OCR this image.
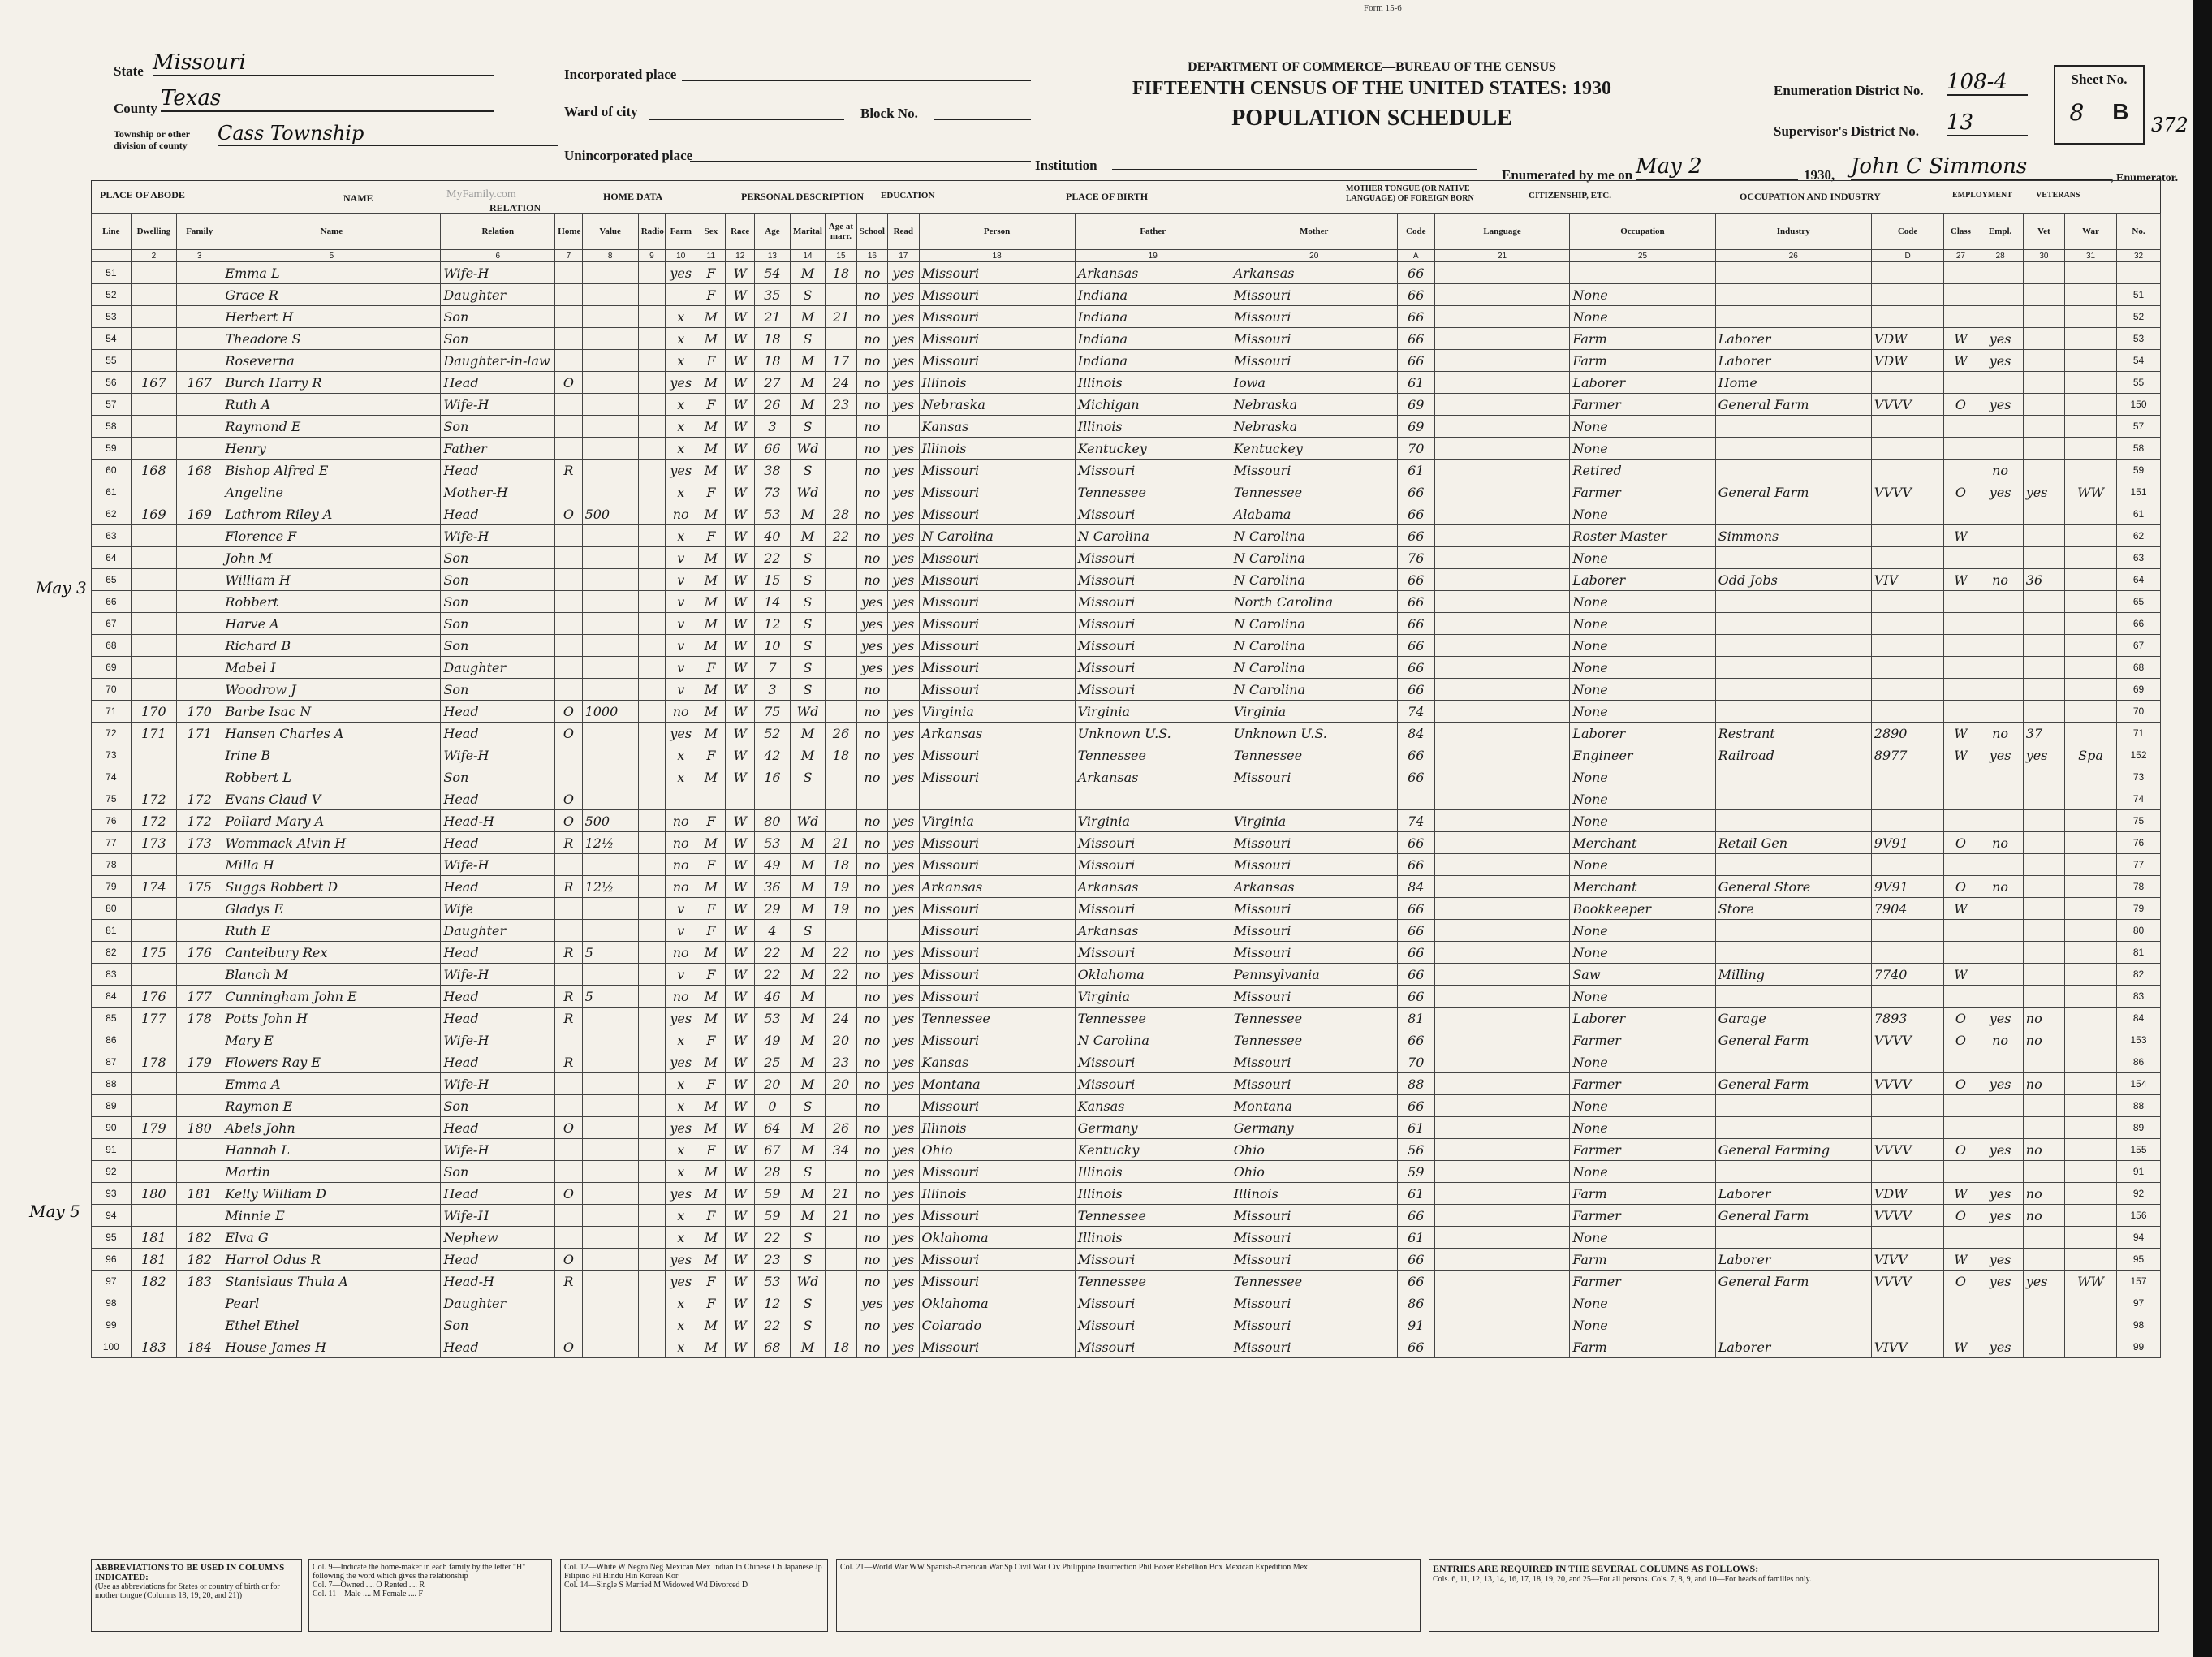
Form 15-6
DEPARTMENT OF COMMERCE—BUREAU OF THE CENSUS
FIFTEENTH CENSUS OF THE UNITED STATES: 1930
POPULATION SCHEDULE
State Missouri
County Texas
Township or other division of county
Cass Township
Incorporated place
Ward of city	Block No.
Unincorporated place
Institution
Enumeration District No. 108-4
Supervisor's District No. 13
Sheet No.
8 B
372
Enumerated by me on May 2	1930, John C Simmons	, Enumerator.
MyFamily.com
May 3
May 5
PLACE OF ABODE	NAME
RELATION
HOME DATA	PERSONAL DESCRIPTION EDUCATION	PLACE OF BIRTH
MOTHER TONGUE (OR NATIVE LANGUAGE) OF FOREIGN BORN	CITIZENSHIP, ETC.	OCCUPATION AND INDUSTRY	EMPLOYMENT	VETERANS
Line	Dwelling	Family	Name	Relation	Home	Value	Radio	Farm	Sex	Race	Age	Marital	Age at marr.	School	Read	Person	Father	Mother	Code	Language	Occupation	Industry	Code	Class	Empl.	Vet	War	No.
	2	3	5	6	7	8	9	10	11	12	13	14	15	16	17	18	19	20	A	21	25	26	D	27	28	30	31	32
51			Emma L	Wife-H				yes	F	W	54	M	18	no	yes	Missouri	Arkansas	Arkansas	66									
52			Grace R	Daughter					F	W	35	S		no	yes	Missouri	Indiana	Missouri	66		None							51
53			Herbert H	Son				x	M	W	21	M	21	no	yes	Missouri	Indiana	Missouri	66		None							52
54			Theadore S	Son				x	M	W	18	S		no	yes	Missouri	Indiana	Missouri	66		Farm	Laborer	VDW	W	yes			53
55			Roseverna	Daughter-in-law				x	F	W	18	M	17	no	yes	Missouri	Indiana	Missouri	66		Farm	Laborer	VDW	W	yes			54
56	167	167	Burch Harry R	Head	O			yes	M	W	27	M	24	no	yes	Illinois	Illinois	Iowa	61		Laborer	Home						55
57			Ruth A	Wife-H				x	F	W	26	M	23	no	yes	Nebraska	Michigan	Nebraska	69		Farmer	General Farm	VVVV	O	yes			150
58			Raymond E	Son				x	M	W	3	S		no		Kansas	Illinois	Nebraska	69		None							57
59			Henry	Father				x	M	W	66	Wd		no	yes	Illinois	Kentuckey	Kentuckey	70		None							58
60	168	168	Bishop Alfred E	Head	R			yes	M	W	38	S		no	yes	Missouri	Missouri	Missouri	61		Retired				no			59
61			Angeline	Mother-H				x	F	W	73	Wd		no	yes	Missouri	Tennessee	Tennessee	66		Farmer	General Farm	VVVV	O	yes	yes	WW	151
62	169	169	Lathrom Riley A	Head	O	500		no	M	W	53	M	28	no	yes	Missouri	Missouri	Alabama	66		None							61
63			Florence F	Wife-H				x	F	W	40	M	22	no	yes	N Carolina	N Carolina	N Carolina	66		Roster Master	Simmons		W				62
64			John M	Son				v	M	W	22	S		no	yes	Missouri	Missouri	N Carolina	76		None							63
65			William H	Son				v	M	W	15	S		no	yes	Missouri	Missouri	N Carolina	66		Laborer	Odd Jobs	VIV	W	no	36		64
66			Robbert	Son				v	M	W	14	S		yes	yes	Missouri	Missouri	North Carolina	66		None							65
67			Harve A	Son				v	M	W	12	S		yes	yes	Missouri	Missouri	N Carolina	66		None							66
68			Richard B	Son				v	M	W	10	S		yes	yes	Missouri	Missouri	N Carolina	66		None							67
69			Mabel I	Daughter				v	F	W	7	S		yes	yes	Missouri	Missouri	N Carolina	66		None							68
70			Woodrow J	Son				v	M	W	3	S		no		Missouri	Missouri	N Carolina	66		None							69
71	170	170	Barbe Isac N	Head	O	1000		no	M	W	75	Wd		no	yes	Virginia	Virginia	Virginia	74		None							70
72	171	171	Hansen Charles A	Head	O			yes	M	W	52	M	26	no	yes	Arkansas	Unknown U.S.	Unknown U.S.	84		Laborer	Restrant	2890	W	no	37		71
73			Irine B	Wife-H				x	F	W	42	M	18	no	yes	Missouri	Tennessee	Tennessee	66		Engineer	Railroad	8977	W	yes	yes	Spa	152
74			Robbert L	Son				x	M	W	16	S		no	yes	Missouri	Arkansas	Missouri	66		None							73
75	172	172	Evans Claud V	Head	O																None							74
76	172	172	Pollard Mary A	Head-H	O	500		no	F	W	80	Wd		no	yes	Virginia	Virginia	Virginia	74		None							75
77	173	173	Wommack Alvin H	Head	R	12½		no	M	W	53	M	21	no	yes	Missouri	Missouri	Missouri	66		Merchant	Retail Gen	9V91	O	no			76
78			Milla H	Wife-H				no	F	W	49	M	18	no	yes	Missouri	Missouri	Missouri	66		None							77
79	174	175	Suggs Robbert D	Head	R	12½		no	M	W	36	M	19	no	yes	Arkansas	Arkansas	Arkansas	84		Merchant	General Store	9V91	O	no			78
80			Gladys E	Wife				v	F	W	29	M	19	no	yes	Missouri	Missouri	Missouri	66		Bookkeeper	Store	7904	W				79
81			Ruth E	Daughter				v	F	W	4	S				Missouri	Arkansas	Missouri	66		None							80
82	175	176	Canteibury Rex	Head	R	5		no	M	W	22	M	22	no	yes	Missouri	Missouri	Missouri	66		None							81
83			Blanch M	Wife-H				v	F	W	22	M	22	no	yes	Missouri	Oklahoma	Pennsylvania	66		Saw	Milling	7740	W				82
84	176	177	Cunningham John E	Head	R	5		no	M	W	46	M		no	yes	Missouri	Virginia	Missouri	66		None							83
85	177	178	Potts John H	Head	R			yes	M	W	53	M	24	no	yes	Tennessee	Tennessee	Tennessee	81		Laborer	Garage	7893	O	yes	no		84
86			Mary E	Wife-H				x	F	W	49	M	20	no	yes	Missouri	N Carolina	Tennessee	66		Farmer	General Farm	VVVV	O	no	no		153
87	178	179	Flowers Ray E	Head	R			yes	M	W	25	M	23	no	yes	Kansas	Missouri	Missouri	70		None							86
88			Emma A	Wife-H				x	F	W	20	M	20	no	yes	Montana	Missouri	Missouri	88		Farmer	General Farm	VVVV	O	yes	no		154
89			Raymon E	Son				x	M	W	0	S		no		Missouri	Kansas	Montana	66		None							88
90	179	180	Abels John	Head	O			yes	M	W	64	M	26	no	yes	Illinois	Germany	Germany	61		None							89
91			Hannah L	Wife-H				x	F	W	67	M	34	no	yes	Ohio	Kentucky	Ohio	56		Farmer	General Farming	VVVV	O	yes	no		155
92			Martin	Son				x	M	W	28	S		no	yes	Missouri	Illinois	Ohio	59		None							91
93	180	181	Kelly William D	Head	O			yes	M	W	59	M	21	no	yes	Illinois	Illinois	Illinois	61		Farm	Laborer	VDW	W	yes	no		92
94			Minnie E	Wife-H				x	F	W	59	M	21	no	yes	Missouri	Tennessee	Missouri	66		Farmer	General Farm	VVVV	O	yes	no		156
95	181	182	Elva G	Nephew				x	M	W	22	S		no	yes	Oklahoma	Illinois	Missouri	61		None							94
96	181	182	Harrol Odus R	Head	O			yes	M	W	23	S		no	yes	Missouri	Missouri	Missouri	66		Farm	Laborer	VIVV	W	yes			95
97	182	183	Stanislaus Thula A	Head-H	R			yes	F	W	53	Wd		no	yes	Missouri	Tennessee	Tennessee	66		Farmer	General Farm	VVVV	O	yes	yes	WW	157
98			Pearl	Daughter				x	F	W	12	S		yes	yes	Oklahoma	Missouri	Missouri	86		None							97
99			Ethel Ethel	Son				x	M	W	22	S		no	yes	Colarado	Missouri	Missouri	91		None							98
100	183	184	House James H	Head	O			x	M	W	68	M	18	no	yes	Missouri	Missouri	Missouri	66		Farm	Laborer	VIVV	W	yes			99
ABBREVIATIONS TO BE USED IN COLUMNS INDICATED:
(Use as abbreviations for States or country of birth or for mother tongue (Columns 18, 19, 20, and 21))
Col. 9—Indicate the home-maker in each family by the letter "H" following the word which gives the relationship
Col. 7—Owned .... O Rented .... R
Col. 11—Male .... M Female .... F
Col. 12—White W Negro Neg Mexican Mex Indian In Chinese Ch Japanese Jp Filipino Fil Hindu Hin Korean Kor
Col. 14—Single S Married M Widowed Wd Divorced D
Col. 21—World War WW Spanish-American War Sp Civil War Civ Philippine Insurrection Phil Boxer Rebellion Box Mexican Expedition Mex	ENTRIES ARE REQUIRED IN THE SEVERAL COLUMNS AS FOLLOWS:
Cols. 6, 11, 12, 13, 14, 16, 17, 18, 19, 20, and 25—For all persons. Cols. 7, 8, 9, and 10—For heads of families only.
